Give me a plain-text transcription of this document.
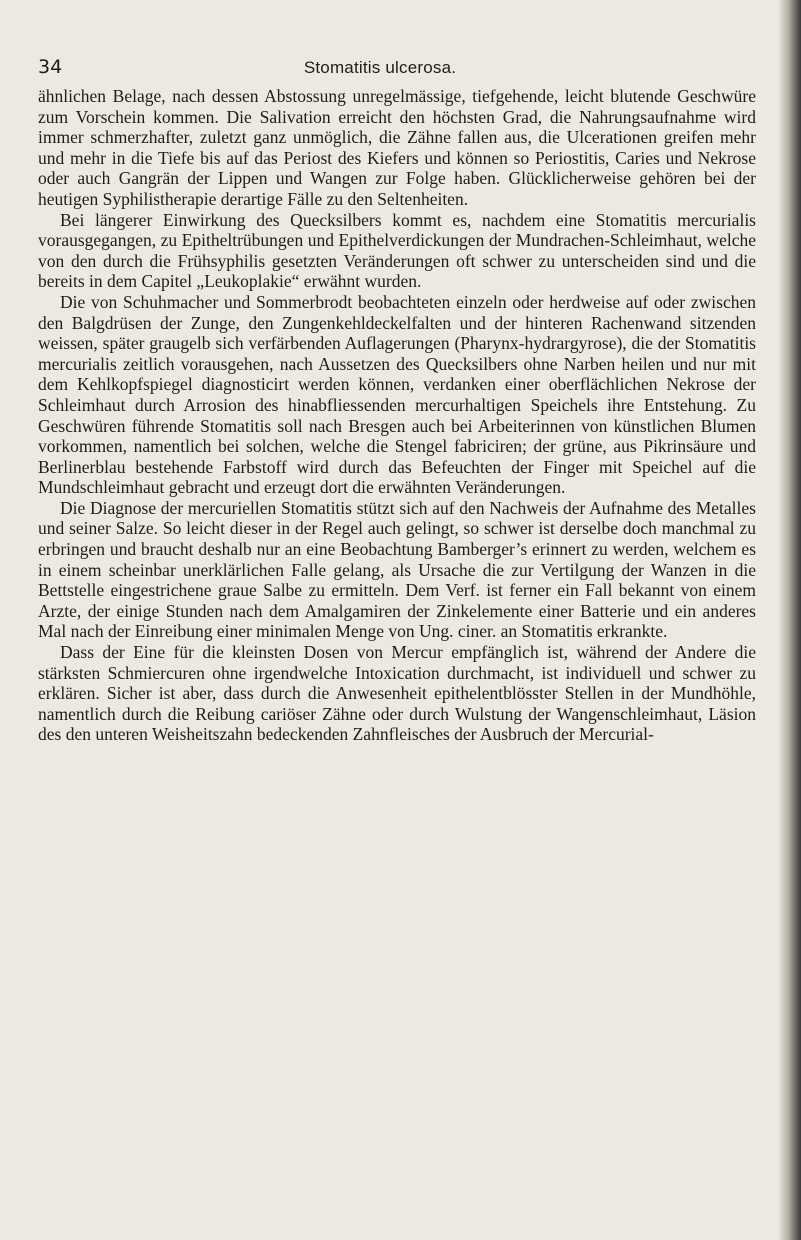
34	Stomatitis ulcerosa.

ähnlichen Belage, nach dessen Abstossung unregelmässige, tiefgehende, leicht blutende Geschwüre zum Vorschein kommen. Die Salivation erreicht den höchsten Grad, die Nahrungsaufnahme wird immer schmerzhafter, zuletzt ganz unmöglich, die Zähne fallen aus, die Ulcerationen greifen mehr und mehr in die Tiefe bis auf das Periost des Kiefers und können so Periostitis, Caries und Nekrose oder auch Gangrän der Lippen und Wangen zur Folge haben. Glücklicherweise gehören bei der heutigen Syphilistherapie derartige Fälle zu den Seltenheiten.

Bei längerer Einwirkung des Quecksilbers kommt es, nachdem eine Stomatitis mercurialis vorausgegangen, zu Epitheltrübungen und Epithelverdickungen der Mundrachen-Schleimhaut, welche von den durch die Frühsyphilis gesetzten Veränderungen oft schwer zu unterscheiden sind und die bereits in dem Capitel „Leukoplakie“ erwähnt wurden.

Die von Schuhmacher und Sommerbrodt beobachteten einzeln oder herdweise auf oder zwischen den Balgdrüsen der Zunge, den Zungenkehldeckelfalten und der hinteren Rachenwand sitzenden weissen, später graugelb sich verfärbenden Auflagerungen (Pharynx-hydrargyrose), die der Stomatitis mercurialis zeitlich vorausgehen, nach Aussetzen des Quecksilbers ohne Narben heilen und nur mit dem Kehlkopfspiegel diagnosticirt werden können, verdanken einer oberflächlichen Nekrose der Schleimhaut durch Arrosion des hinabfliessenden mercurhaltigen Speichels ihre Entstehung. Zu Geschwüren führende Stomatitis soll nach Bresgen auch bei Arbeiterinnen von künstlichen Blumen vorkommen, namentlich bei solchen, welche die Stengel fabriciren; der grüne, aus Pikrinsäure und Berlinerblau bestehende Farbstoff wird durch das Befeuchten der Finger mit Speichel auf die Mundschleimhaut gebracht und erzeugt dort die erwähnten Veränderungen.

Die Diagnose der mercuriellen Stomatitis stützt sich auf den Nachweis der Aufnahme des Metalles und seiner Salze. So leicht dieser in der Regel auch gelingt, so schwer ist derselbe doch manchmal zu erbringen und braucht deshalb nur an eine Beobachtung Bamberger’s erinnert zu werden, welchem es in einem scheinbar unerklärlichen Falle gelang, als Ursache die zur Vertilgung der Wanzen in die Bettstelle eingestrichene graue Salbe zu ermitteln. Dem Verf. ist ferner ein Fall bekannt von einem Arzte, der einige Stunden nach dem Amalgamiren der Zinkelemente einer Batterie und ein anderes Mal nach der Einreibung einer minimalen Menge von Ung. ciner. an Stomatitis erkrankte.

Dass der Eine für die kleinsten Dosen von Mercur empfänglich ist, während der Andere die stärksten Schmiercuren ohne irgendwelche Intoxication durchmacht, ist individuell und schwer zu erklären. Sicher ist aber, dass durch die Anwesenheit epithelentblösster Stellen in der Mundhöhle, namentlich durch die Reibung cariöser Zähne oder durch Wulstung der Wangenschleimhaut, Läsion des den unteren Weisheitszahn bedeckenden Zahnfleisches der Ausbruch der Mercurial-
